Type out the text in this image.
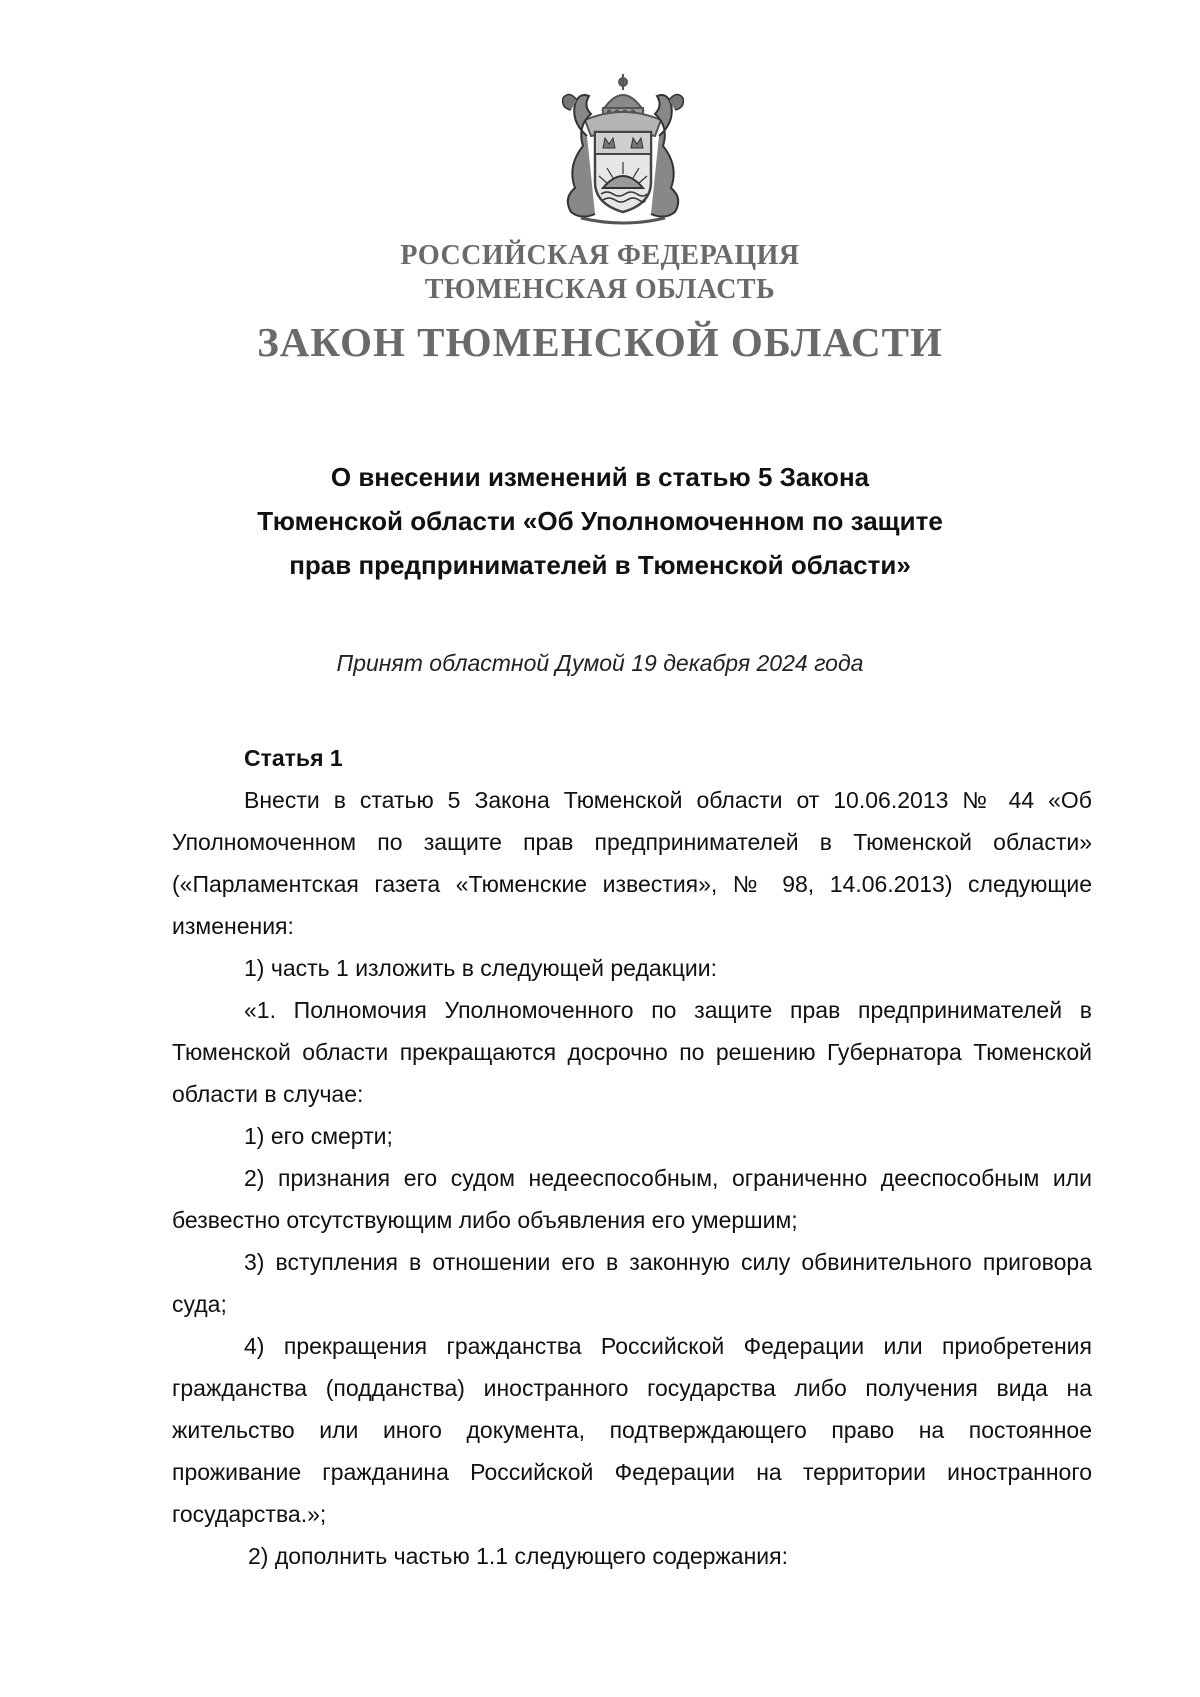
РОССИЙСКАЯ ФЕДЕРАЦИЯ
ТЮМЕНСКАЯ ОБЛАСТЬ
ЗАКОН ТЮМЕНСКОЙ ОБЛАСТИ
О внесении изменений в статью 5 Закона
Тюменской области «Об Уполномоченном по защите
прав предпринимателей в Тюменской области»
Принят областной Думой 19 декабря 2024 года
Статья 1

Внести в статью 5 Закона Тюменской области от 10.06.2013 № 44 «Об Уполномоченном по защите прав предпринимателей в Тюменской области» («Парламентская газета «Тюменские известия», № 98, 14.06.2013) следующие изменения:

1) часть 1 изложить в следующей редакции:

«1. Полномочия Уполномоченного по защите прав предпринимателей в Тюменской области прекращаются досрочно по решению Губернатора Тюменской области в случае:

1) его смерти;

2) признания его судом недееспособным, ограниченно дееспособным или безвестно отсутствующим либо объявления его умершим;

3) вступления в отношении его в законную силу обвинительного приговора суда;

4) прекращения гражданства Российской Федерации или приобретения гражданства (подданства) иностранного государства либо получения вида на жительство или иного документа, подтверждающего право на постоянное проживание гражданина Российской Федерации на территории иностранного государства.»;

2) дополнить частью 1.1 следующего содержания:
